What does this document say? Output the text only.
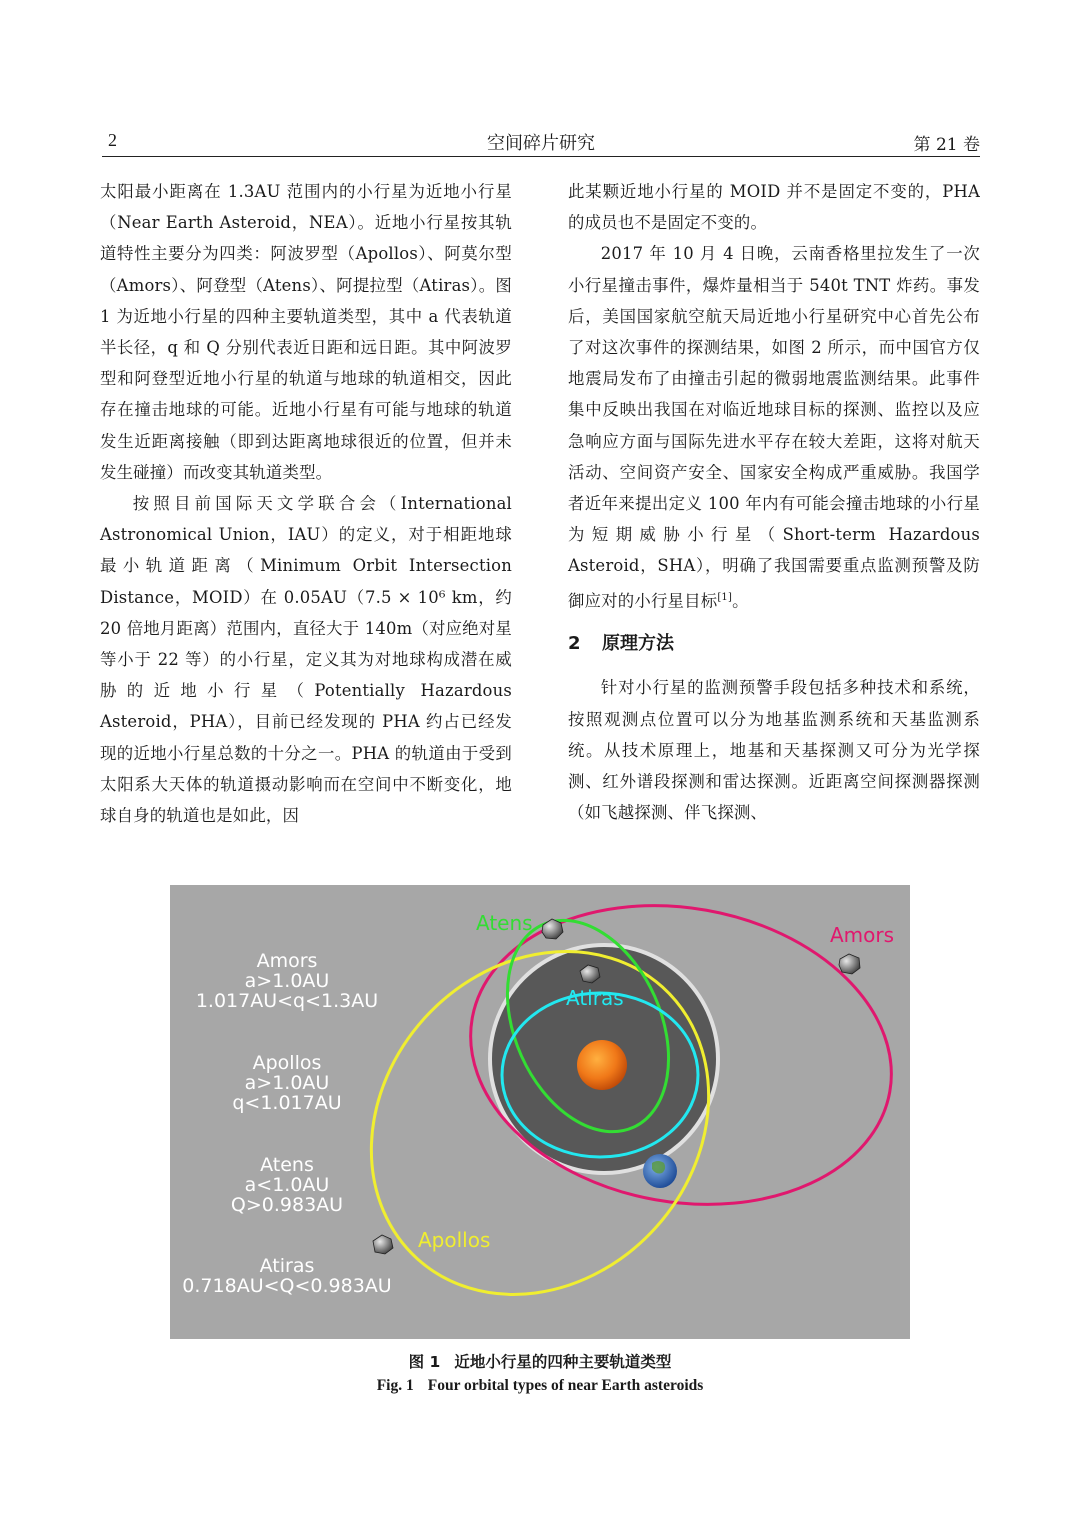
2	空间碎片研究	第 21 卷

太阳最小距离在 1.3AU 范围内的小行星为近地小行星（Near Earth Asteroid，NEA）。近地小行星按其轨道特性主要分为四类：阿波罗型（Apollos）、阿莫尔型（Amors）、阿登型（Atens）、阿提拉型（Atiras）。图 1 为近地小行星的四种主要轨道类型，其中 a 代表轨道半长径，q 和 Q 分别代表近日距和远日距。其中阿波罗型和阿登型近地小行星的轨道与地球的轨道相交，因此存在撞击地球的可能。近地小行星有可能与地球的轨道发生近距离接触（即到达距离地球很近的位置，但并未发生碰撞）而改变其轨道类型。

按照目前国际天文学联合会（International Astronomical Union，IAU）的定义，对于相距地球最小轨道距离（Minimum Orbit Intersection Distance，MOID）在 0.05AU（7.5 × 10⁶ km，约 20 倍地月距离）范围内，直径大于 140m（对应绝对星等小于 22 等）的小行星，定义其为对地球构成潜在威胁的近地小行星（Potentially Hazardous Asteroid，PHA），目前已经发现的 PHA 约占已经发现的近地小行星总数的十分之一。PHA 的轨道由于受到太阳系大天体的轨道摄动影响而在空间中不断变化，地球自身的轨道也是如此，因

此某颗近地小行星的 MOID 并不是固定不变的，PHA 的成员也不是固定不变的。

2017 年 10 月 4 日晚，云南香格里拉发生了一次小行星撞击事件，爆炸量相当于 540t TNT 炸药。事发后，美国国家航空航天局近地小行星研究中心首先公布了对这次事件的探测结果，如图 2 所示，而中国官方仅地震局发布了由撞击引起的微弱地震监测结果。此事件集中反映出我国在对临近地球目标的探测、监控以及应急响应方面与国际先进水平存在较大差距，这将对航天活动、空间资产安全、国家安全构成严重威胁。我国学者近年来提出定义 100 年内有可能会撞击地球的小行星为短期威胁小行星（Short-term Hazardous Asteroid，SHA），明确了我国需要重点监测预警及防御应对的小行星目标[1]。

2 原理方法

针对小行星的监测预警手段包括多种技术和系统，按照观测点位置可以分为地基监测系统和天基监测系统。从技术原理上，地基和天基探测又可分为光学探测、红外谱段探测和雷达探测。近距离空间探测器探测（如飞越探测、伴飞探测、

Atens
Atiras
Amors
Apollos
Amors
a>1.0AU
1.017AU<q<1.3AU
Apollos
a>1.0AU
q<1.017AU
Atens
a<1.0AU
Q>0.983AU
Atiras
0.718AU<Q<0.983AU
图 1 近地小行星的四种主要轨道类型
Fig. 1 Four orbital types of near Earth asteroids
